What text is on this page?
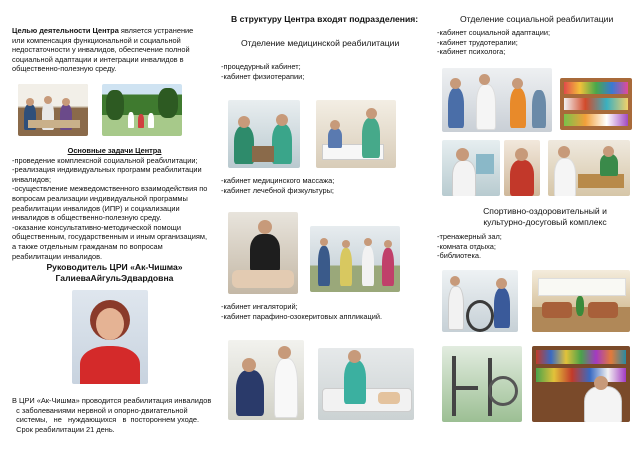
Целью деятельности Центра является устранение
или компенсация функциональной и социальной
недостаточности у инвалидов, обеспечение полной
социальной адаптации и интеграции инвалидов в
общественно-полезную среду.
Основные задачи Центра
-проведение комплексной социальной реабилитации;
-реализация индивидуальных программ реабилитации
инвалидов;
-осуществление межведомственного взаимодействия по
вопросам реализации индивидуальной программы
реабилитации инвалидов (ИПР) и социализации
инвалидов в общественно-полезную среду.
-оказание консультативно-методической помощи
общественным, государственным и иным организациям,
а также отдельным гражданам по вопросам
реабилитации инвалидов.
Руководитель ЦРИ «Ак-Чишма»
ГалиеваАйгульЭдвардовна
В ЦРИ «Ак-Чишма» проводится реабилитация инвалидов
с заболеваниями нервной и опорно-двигательной
системы,   не   нуждающихся   в  постороннем уходе.
Срок реабилитации 21 день.
В структуру Центра входят подразделения:
Отделение медицинской реабилитации
-процедурный кабинет;
-кабинет физиотерапии;
-кабинет медицинского массажа;
-кабинет лечебной физкультуры;
-кабинет ингаляторий;
-кабинет парафино-озокеритовых аппликаций.
Отделение социальной реабилитации
-кабинет социальной адаптации;
-кабинет трудотерапии;
-кабинет психолога;
Спортивно-оздоровительный и
культурно-досуговый комплекс
-тренажерный зал;
-комната отдыха;
-библиотека.
